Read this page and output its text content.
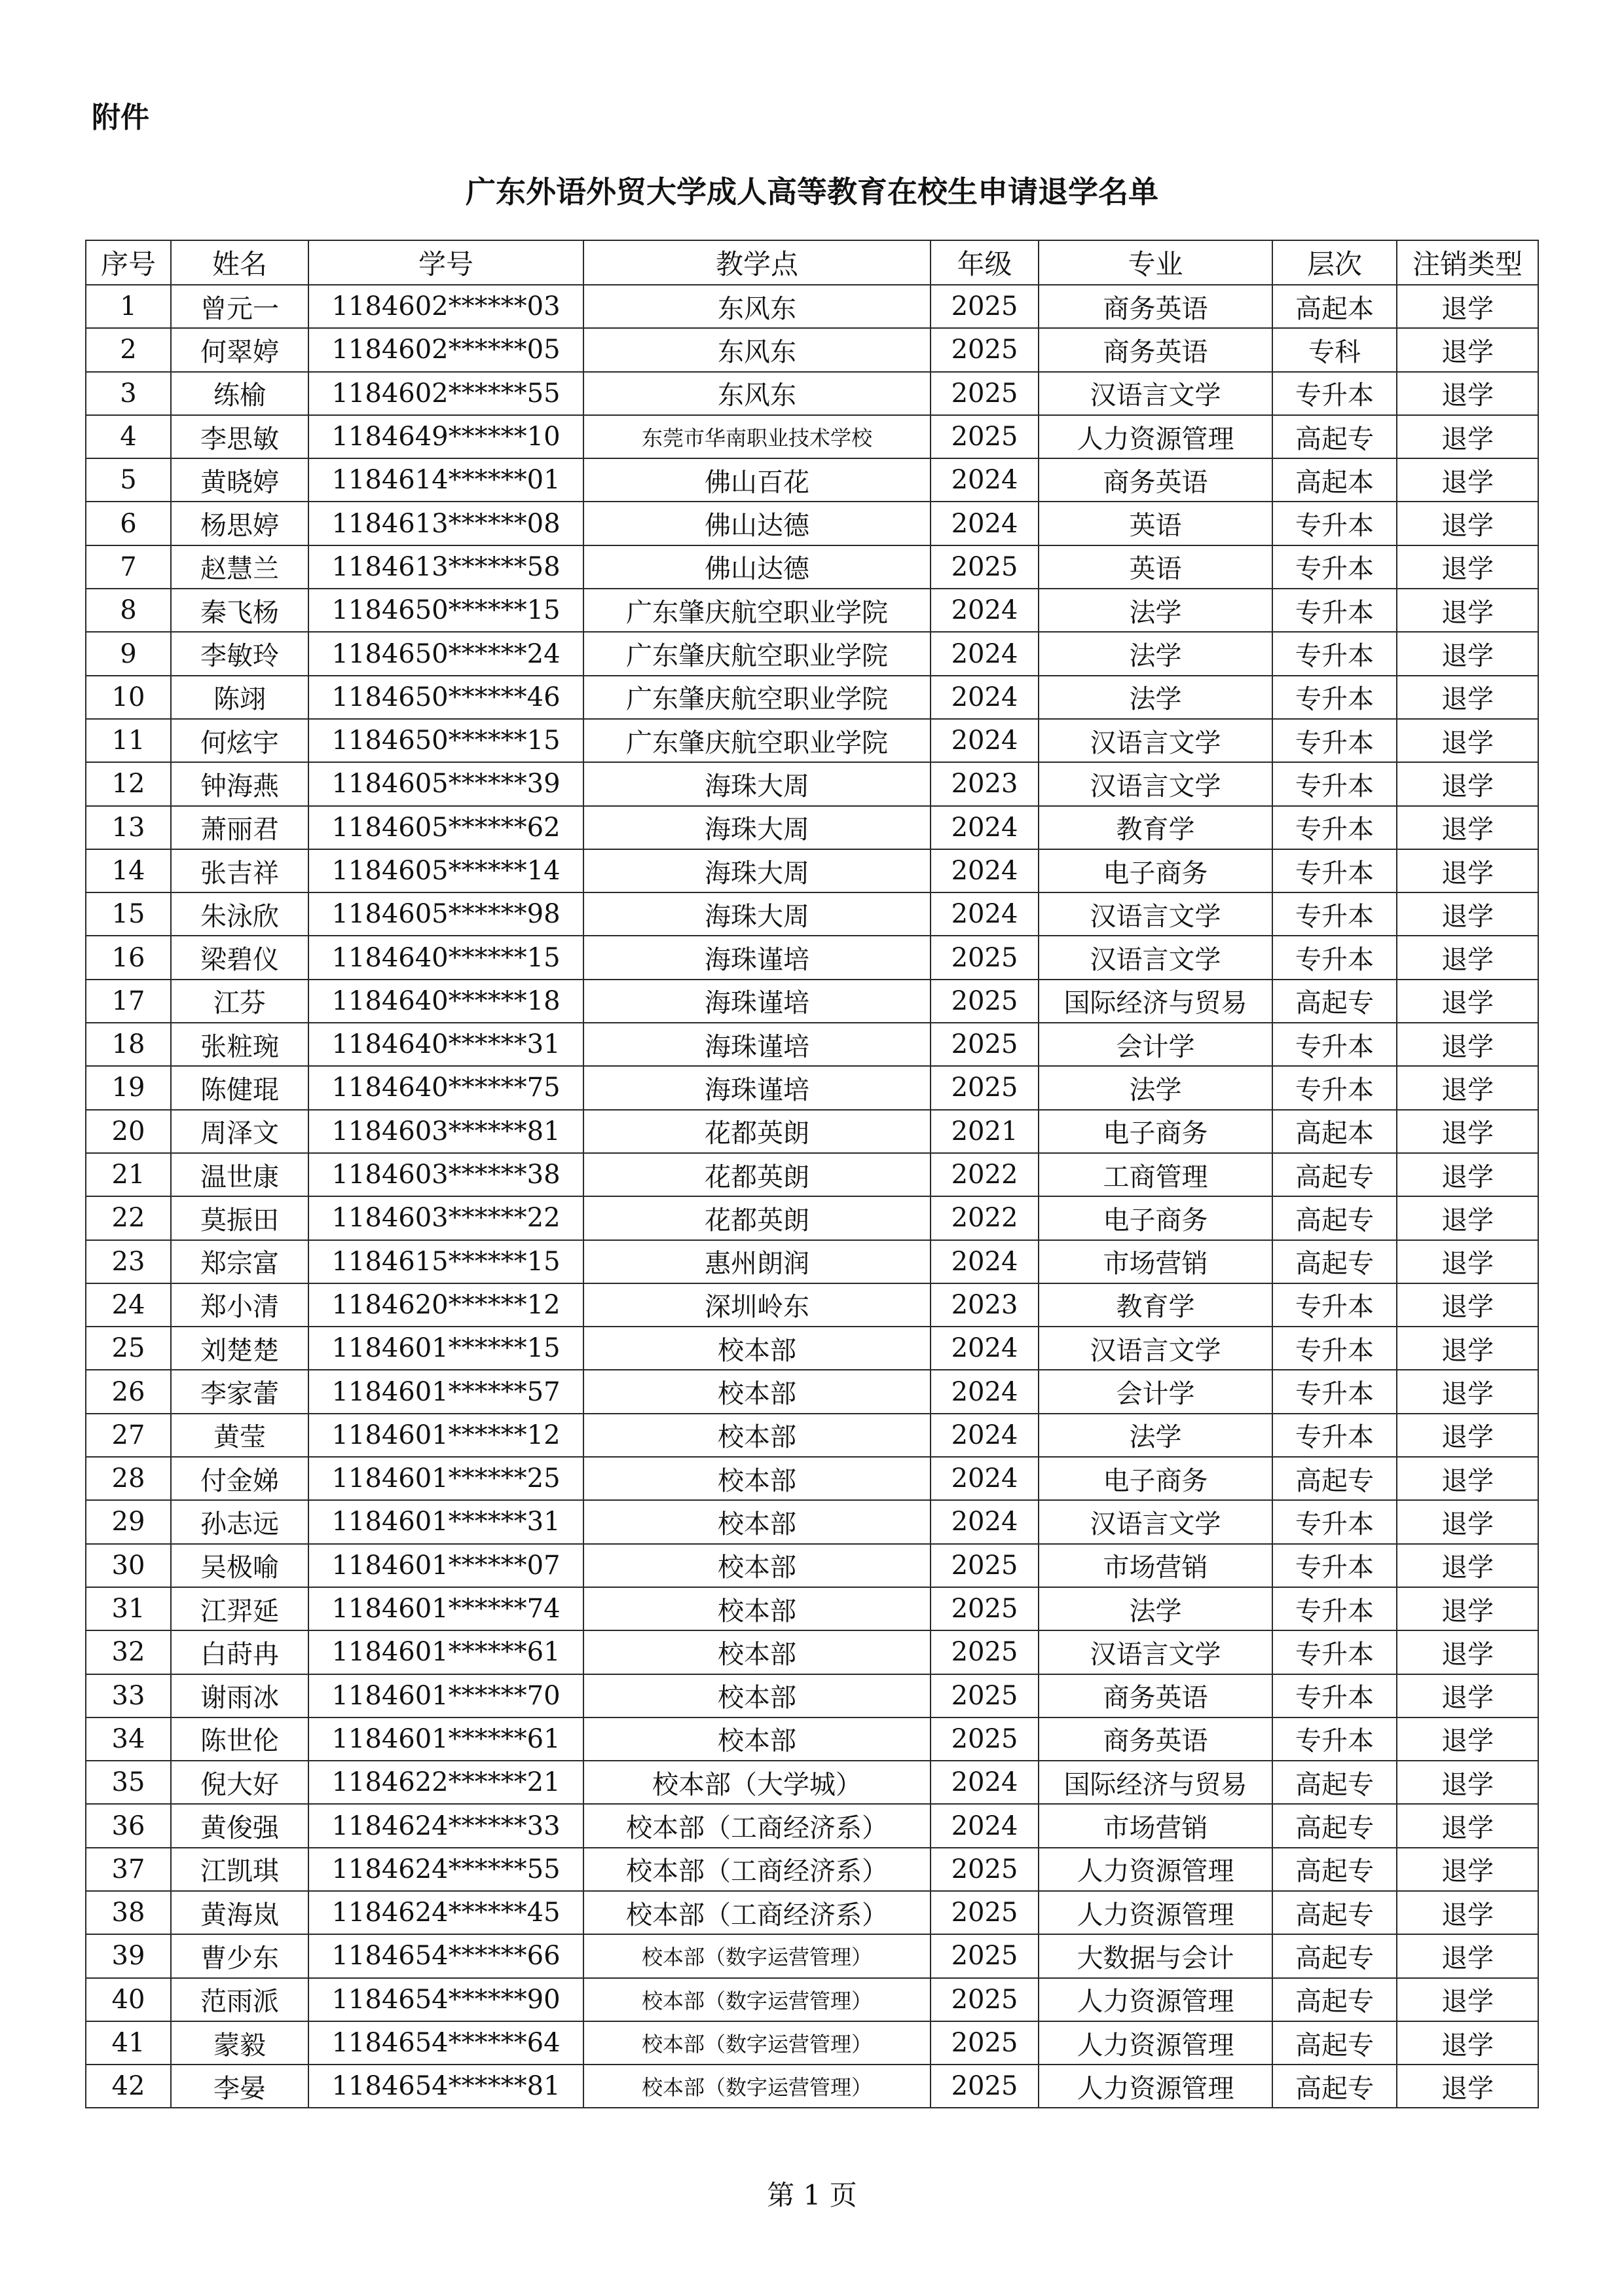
附件
广东外语外贸大学成人高等教育在校生申请退学名单
序号	姓名	学号	教学点	年级	专业	层次	注销类型
1	曾元一	1184602******03	东风东	2025	商务英语	高起本	退学
2	何翠婷	1184602******05	东风东	2025	商务英语	专科	退学
3	练榆	1184602******55	东风东	2025	汉语言文学	专升本	退学
4	李思敏	1184649******10	东莞市华南职业技术学校	2025	人力资源管理	高起专	退学
5	黄晓婷	1184614******01	佛山百花	2024	商务英语	高起本	退学
6	杨思婷	1184613******08	佛山达德	2024	英语	专升本	退学
7	赵慧兰	1184613******58	佛山达德	2025	英语	专升本	退学
8	秦飞杨	1184650******15	广东肇庆航空职业学院	2024	法学	专升本	退学
9	李敏玲	1184650******24	广东肇庆航空职业学院	2024	法学	专升本	退学
10	陈翊	1184650******46	广东肇庆航空职业学院	2024	法学	专升本	退学
11	何炫宇	1184650******15	广东肇庆航空职业学院	2024	汉语言文学	专升本	退学
12	钟海燕	1184605******39	海珠大周	2023	汉语言文学	专升本	退学
13	萧丽君	1184605******62	海珠大周	2024	教育学	专升本	退学
14	张吉祥	1184605******14	海珠大周	2024	电子商务	专升本	退学
15	朱泳欣	1184605******98	海珠大周	2024	汉语言文学	专升本	退学
16	梁碧仪	1184640******15	海珠谨培	2025	汉语言文学	专升本	退学
17	江芬	1184640******18	海珠谨培	2025	国际经济与贸易	高起专	退学
18	张粧琬	1184640******31	海珠谨培	2025	会计学	专升本	退学
19	陈健琨	1184640******75	海珠谨培	2025	法学	专升本	退学
20	周泽文	1184603******81	花都英朗	2021	电子商务	高起本	退学
21	温世康	1184603******38	花都英朗	2022	工商管理	高起专	退学
22	莫振田	1184603******22	花都英朗	2022	电子商务	高起专	退学
23	郑宗富	1184615******15	惠州朗润	2024	市场营销	高起专	退学
24	郑小清	1184620******12	深圳岭东	2023	教育学	专升本	退学
25	刘楚楚	1184601******15	校本部	2024	汉语言文学	专升本	退学
26	李家蕾	1184601******57	校本部	2024	会计学	专升本	退学
27	黄莹	1184601******12	校本部	2024	法学	专升本	退学
28	付金娣	1184601******25	校本部	2024	电子商务	高起专	退学
29	孙志远	1184601******31	校本部	2024	汉语言文学	专升本	退学
30	吴极喻	1184601******07	校本部	2025	市场营销	专升本	退学
31	江羿延	1184601******74	校本部	2025	法学	专升本	退学
32	白莳冉	1184601******61	校本部	2025	汉语言文学	专升本	退学
33	谢雨冰	1184601******70	校本部	2025	商务英语	专升本	退学
34	陈世伦	1184601******61	校本部	2025	商务英语	专升本	退学
35	倪大好	1184622******21	校本部（大学城）	2024	国际经济与贸易	高起专	退学
36	黄俊强	1184624******33	校本部（工商经济系）	2024	市场营销	高起专	退学
37	江凯琪	1184624******55	校本部（工商经济系）	2025	人力资源管理	高起专	退学
38	黄海岚	1184624******45	校本部（工商经济系）	2025	人力资源管理	高起专	退学
39	曹少东	1184654******66	校本部（数字运营管理）	2025	大数据与会计	高起专	退学
40	范雨派	1184654******90	校本部（数字运营管理）	2025	人力资源管理	高起专	退学
41	蒙毅	1184654******64	校本部（数字运营管理）	2025	人力资源管理	高起专	退学
42	李晏	1184654******81	校本部（数字运营管理）	2025	人力资源管理	高起专	退学
第 1 页
